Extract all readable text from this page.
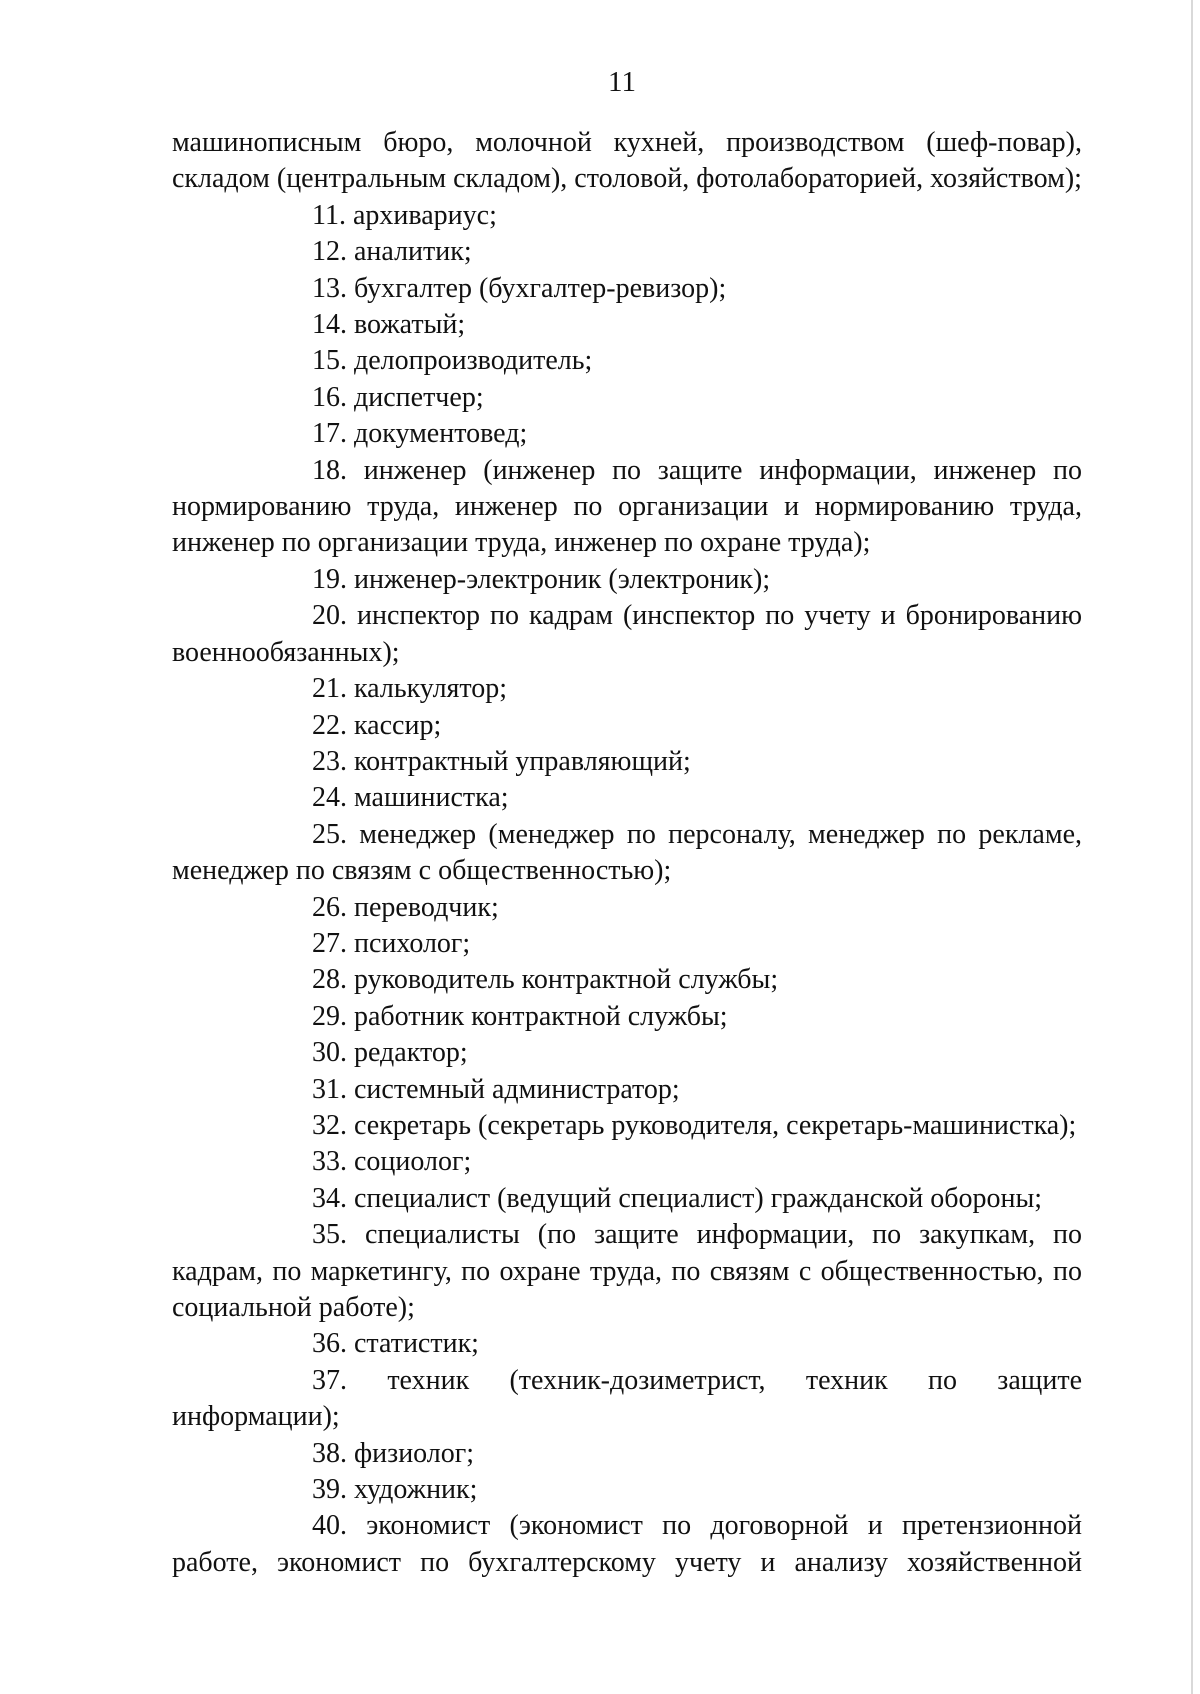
11

машинописным бюро, молочной кухней, производством (шеф-повар), складом (центральным складом), столовой, фотолабораторией, хозяйством);

11. архивариус;

12. аналитик;

13. бухгалтер (бухгалтер-ревизор);

14. вожатый;

15. делопроизводитель;

16. диспетчер;

17. документовед;

18. инженер (инженер по защите информации, инженер по нормированию труда, инженер по организации и нормированию труда, инженер по организации труда, инженер по охране труда);

19. инженер-электроник (электроник);

20. инспектор по кадрам (инспектор по учету и бронированию военнообязанных);

21. калькулятор;

22. кассир;

23. контрактный управляющий;

24. машинистка;

25. менеджер (менеджер по персоналу, менеджер по рекламе, менеджер по связям с общественностью);

26. переводчик;

27. психолог;

28. руководитель контрактной службы;

29. работник контрактной службы;

30. редактор;

31. системный администратор;

32. секретарь (секретарь руководителя, секретарь-машинистка);

33. социолог;

34. специалист (ведущий специалист) гражданской обороны;

35. специалисты (по защите информации, по закупкам, по кадрам, по маркетингу, по охране труда, по связям с общественностью, по социальной работе);

36. статистик;

37. техник (техник-дозиметрист, техник по защите информации);

38. физиолог;

39. художник;

40. экономист (экономист по договорной и претензионной работе, экономист по бухгалтерскому учету и анализу хозяйственной
